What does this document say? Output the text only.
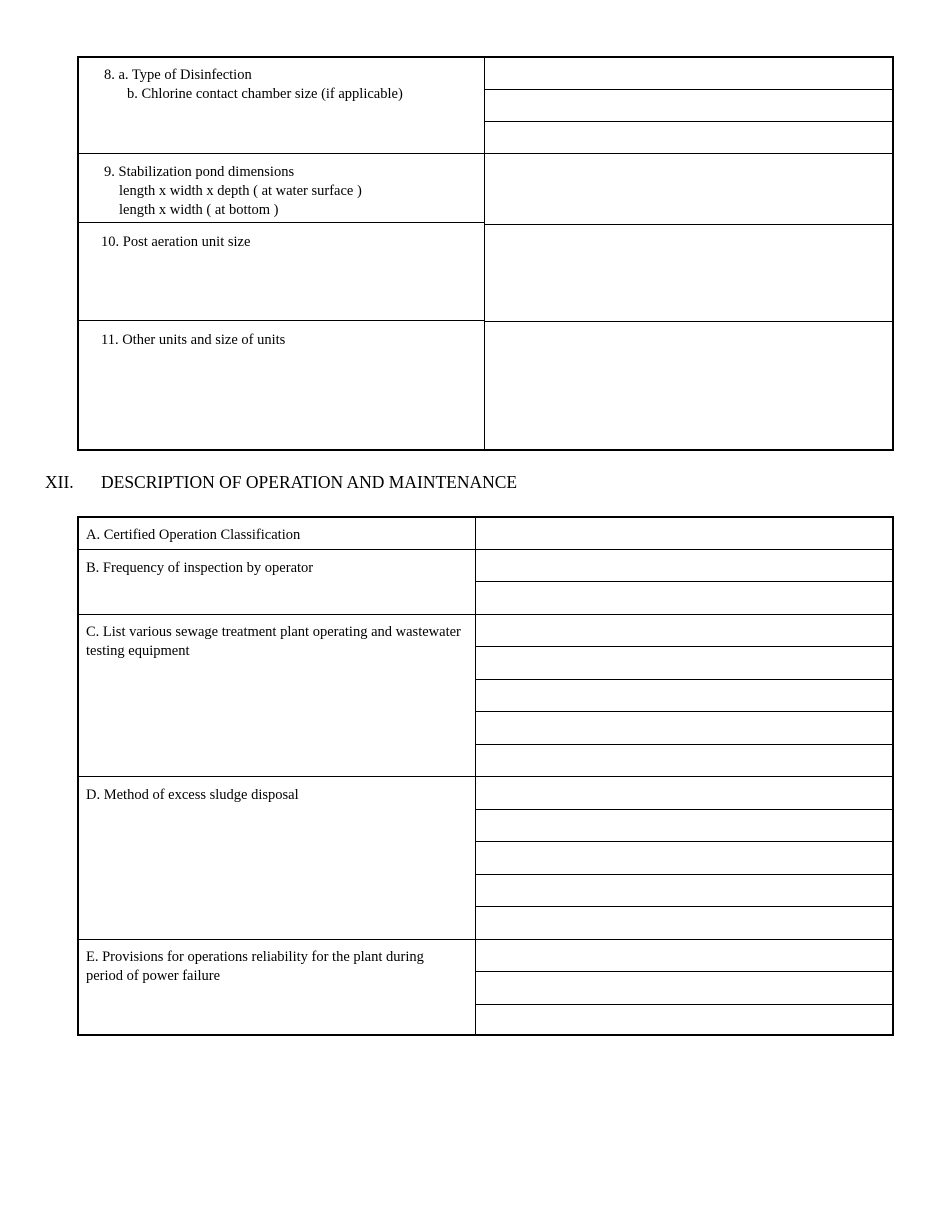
8. a. Type of Disinfection
b. Chlorine contact chamber size (if applicable)
9. Stabilization pond dimensions
length x width x depth ( at water surface )
length x width ( at bottom )
10. Post aeration unit size
11. Other units and size of units
XII. DESCRIPTION OF OPERATION AND MAINTENANCE
A. Certified Operation Classification
B. Frequency of inspection by operator
C. List various sewage treatment plant operating and wastewater testing equipment
D. Method of excess sludge disposal
E. Provisions for operations reliability for the plant during period of power failure
